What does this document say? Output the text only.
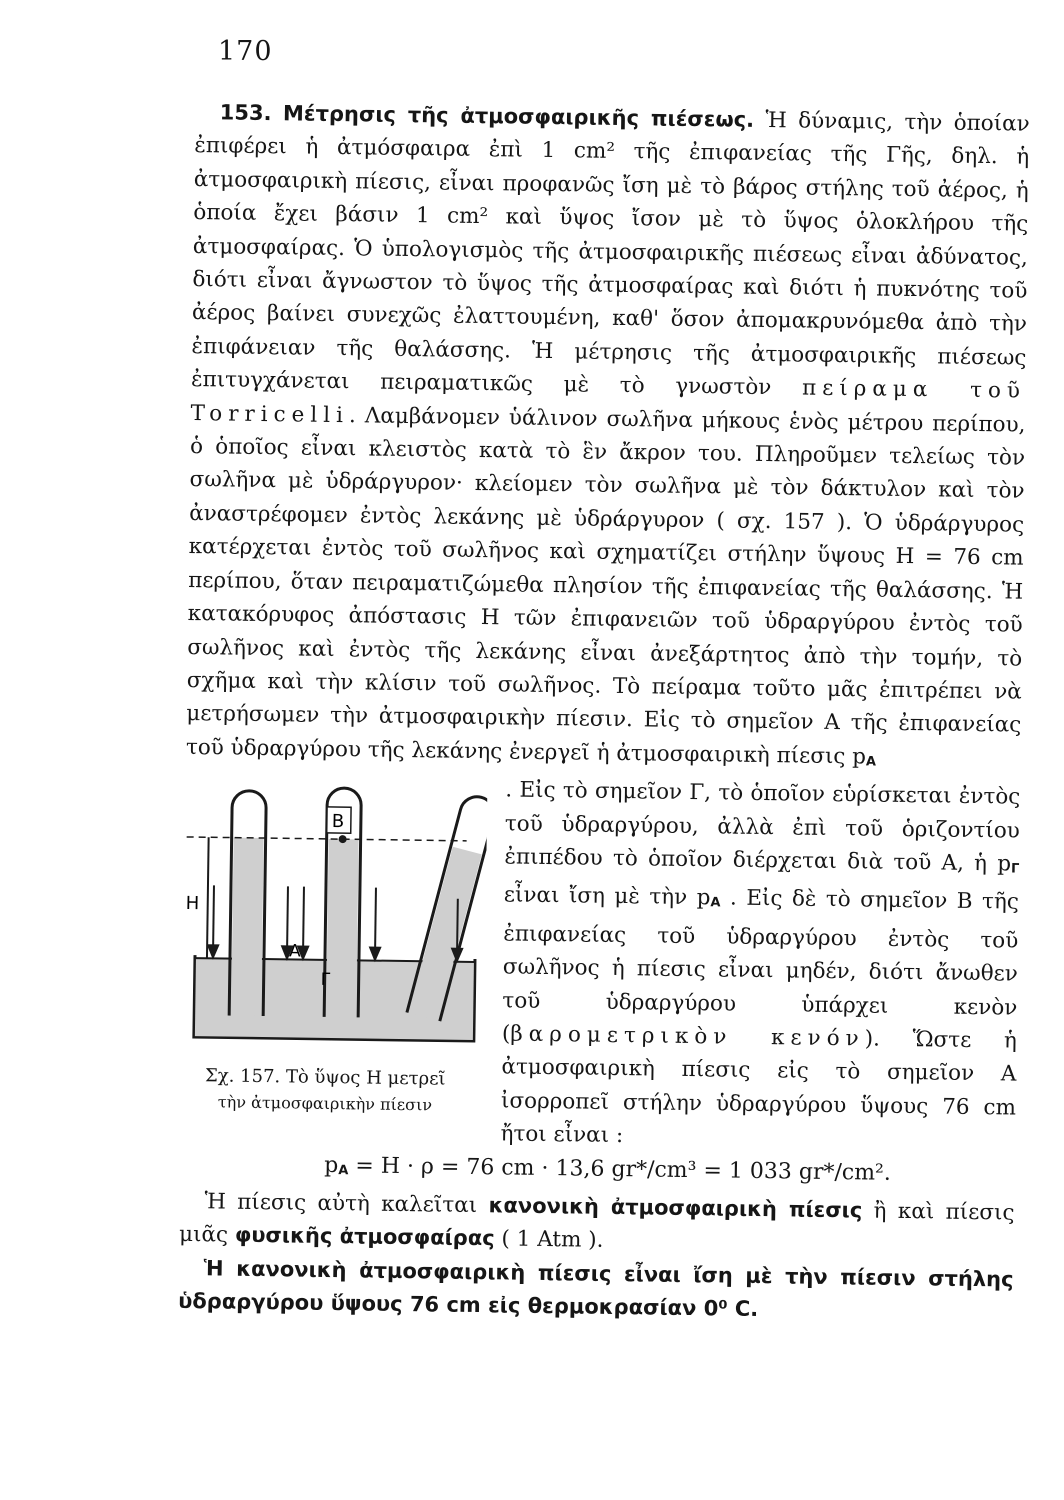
170

153. Μέτρησις τῆς ἀτμοσφαιρικῆς πιέσεως. Ἡ δύναμις, τὴν ὁποίαν ἐπιφέρει ἡ ἀτμόσφαιρα ἐπὶ 1 cm² τῆς ἐπιφανείας τῆς Γῆς, δηλ. ἡ ἀτμοσφαιρικὴ πίεσις, εἶναι προφανῶς ἴση μὲ τὸ βάρος στήλης τοῦ ἀέρος, ἡ ὁποία ἔχει βάσιν 1 cm² καὶ ὕψος ἴσον μὲ τὸ ὕψος ὁλοκλήρου τῆς ἀτμοσφαίρας. Ὁ ὑπολογισμὸς τῆς ἀτμοσφαιρικῆς πιέσεως εἶναι ἀδύνατος, διότι εἶναι ἄγνωστον τὸ ὕψος τῆς ἀτμοσφαίρας καὶ διότι ἡ πυκνότης τοῦ ἀέρος βαίνει συνεχῶς ἐλαττουμένη, καθ' ὅσον ἀπομακρυνόμεθα ἀπὸ τὴν ἐπιφάνειαν τῆς θαλάσσης. Ἡ μέτρησις τῆς ἀτμοσφαιρικῆς πιέσεως ἐπιτυγχάνεται πειραματικῶς μὲ τὸ γνωστὸν πείραμα τοῦ Torricelli. Λαμβάνομεν ὑάλινον σωλῆνα μήκους ἑνὸς μέτρου περίπου, ὁ ὁποῖος εἶναι κλειστὸς κατὰ τὸ ἓν ἄκρον του. Πληροῦμεν τελείως τὸν σωλῆνα μὲ ὑδράργυρον· κλείομεν τὸν σωλῆνα μὲ τὸν δάκτυλον καὶ τὸν ἀναστρέφομεν ἐντὸς λεκάνης μὲ ὑδράργυρον ( σχ. 157 ). Ὁ ὑδράργυρος κατέρχεται ἐντὸς τοῦ σωλῆνος καὶ σχηματίζει στήλην ὕψους Η = 76 cm περίπου, ὅταν πειραματιζώμεθα πλησίον τῆς ἐπιφανείας τῆς θαλάσσης. Ἡ κατακόρυφος ἀπόστασις Η τῶν ἐπιφανειῶν τοῦ ὑδραργύρου ἐντὸς τοῦ σωλῆνος καὶ ἐντὸς τῆς λεκάνης εἶναι ἀνεξάρτητος ἀπὸ τὴν τομήν, τὸ σχῆμα καὶ τὴν κλίσιν τοῦ σωλῆνος. Τὸ πείραμα τοῦτο μᾶς ἐπιτρέπει νὰ μετρήσωμεν τὴν ἀτμοσφαιρικὴν πίεσιν. Εἰς τὸ σημεῖον Α τῆς ἐπιφανείας τοῦ ὑδραργύρου τῆς λεκάνης ἐνεργεῖ ἡ ἀτμοσφαιρικὴ πίεσις $p_A$

Η
Β
Α
Γ
Σχ. 157. Τὸ ὕψος Η μετρεῖ
τὴν ἀτμοσφαιρικὴν πίεσιν

. Εἰς τὸ σημεῖον Γ, τὸ ὁποῖον εὑρίσκεται ἐντὸς τοῦ ὑδραργύρου, ἀλλὰ ἐπὶ τοῦ ὁριζοντίου ἐπιπέδου τὸ ὁποῖον διέρχεται διὰ τοῦ Α, ἡ $p_\Gamma$ εἶναι ἴση μὲ τὴν $p_A$ . Εἰς δὲ τὸ σημεῖον Β τῆς ἐπιφανείας τοῦ ὑδραργύρου ἐντὸς τοῦ σωλῆνος ἡ πίεσις εἶναι μηδέν, διότι ἄνωθεν τοῦ ὑδραργύρου ὑπάρχει κενὸν (βαρομετρικὸν κενόν). Ὥστε ἡ ἀτμοσφαιρικὴ πίεσις εἰς τὸ σημεῖον Α ἰσορροπεῖ στήλην ὑδραργύρου ὕψους 76 cm ἤτοι εἶναι :

$p_A = H \cdot \rho = 76$ cm · 13,6 gr*/cm³ = 1 033 gr*/cm².

Ἡ πίεσις αὐτὴ καλεῖται κανονικὴ ἀτμοσφαιρικὴ πίεσις ἢ καὶ πίεσις μιᾶς φυσικῆς ἀτμοσφαίρας ( 1 Atm ).

Ἡ κανονικὴ ἀτμοσφαιρικὴ πίεσις εἶναι ἴση μὲ τὴν πίεσιν στήλης ὑδραργύρου ὕψους 76 cm εἰς θερμοκρασίαν 0⁰ C.
